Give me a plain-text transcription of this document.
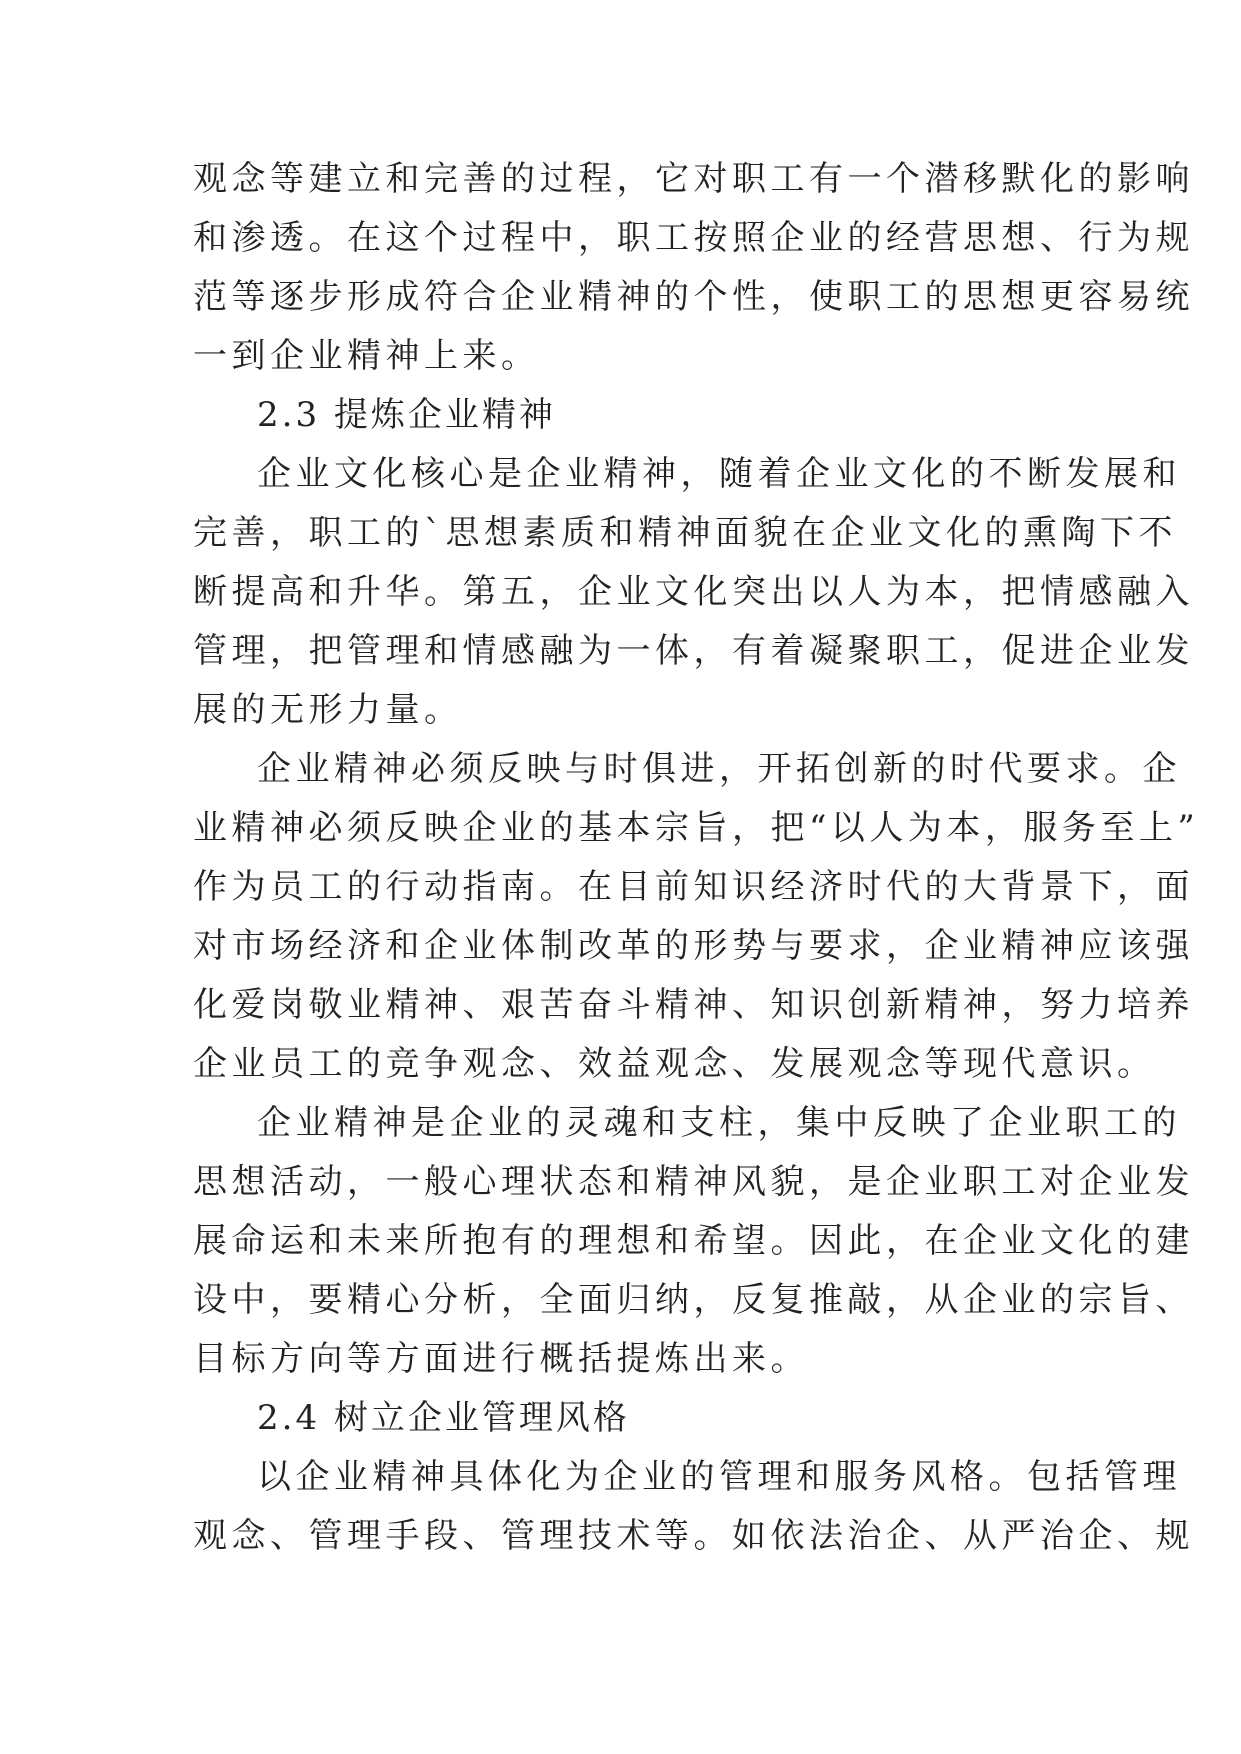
观念等建立和完善的过程，它对职工有一个潜移默化的影响
和渗透。在这个过程中，职工按照企业的经营思想、行为规
范等逐步形成符合企业精神的个性，使职工的思想更容易统
一到企业精神上来。
2.3 提炼企业精神
企业文化核心是企业精神，随着企业文化的不断发展和
完善，职工的`思想素质和精神面貌在企业文化的熏陶下不
断提高和升华。第五，企业文化突出以人为本，把情感融入
管理，把管理和情感融为一体，有着凝聚职工，促进企业发
展的无形力量。
企业精神必须反映与时俱进，开拓创新的时代要求。企
业精神必须反映企业的基本宗旨，把“以人为本，服务至上”
作为员工的行动指南。在目前知识经济时代的大背景下，面
对市场经济和企业体制改革的形势与要求，企业精神应该强
化爱岗敬业精神、艰苦奋斗精神、知识创新精神，努力培养
企业员工的竞争观念、效益观念、发展观念等现代意识。
企业精神是企业的灵魂和支柱，集中反映了企业职工的
思想活动，一般心理状态和精神风貌，是企业职工对企业发
展命运和未来所抱有的理想和希望。因此，在企业文化的建
设中，要精心分析，全面归纳，反复推敲，从企业的宗旨、
目标方向等方面进行概括提炼出来。
2.4 树立企业管理风格
以企业精神具体化为企业的管理和服务风格。包括管理
观念、管理手段、管理技术等。如依法治企、从严治企、规
